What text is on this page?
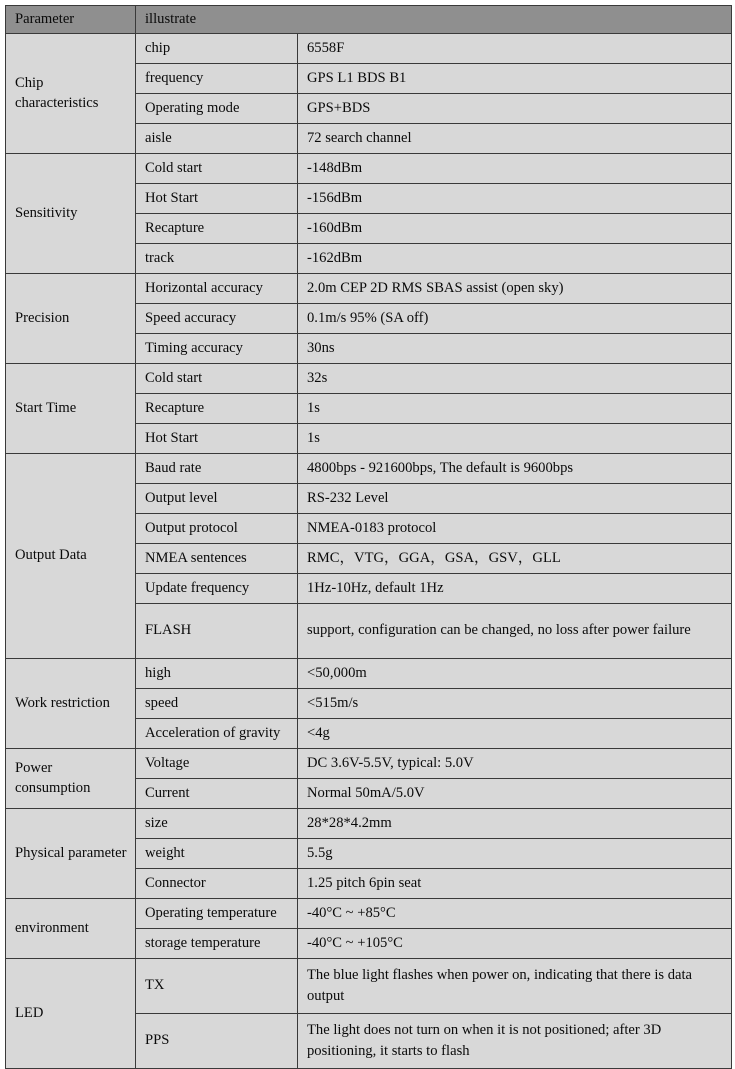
Parameter	illustrate	
Chip characteristics	chip	6558F
	frequency	GPS L1 BDS B1
	Operating mode	GPS+BDS
	aisle	72 search channel
Sensitivity	Cold start	-148dBm
	Hot Start	-156dBm
	Recapture	-160dBm
	track	-162dBm
Precision	Horizontal accuracy	2.0m CEP 2D RMS SBAS assist (open sky)
	Speed accuracy	0.1m/s 95% (SA off)
	Timing accuracy	30ns
Start Time	Cold start	32s
	Recapture	1s
	Hot Start	1s
Output Data	Baud rate	4800bps - 921600bps, The default is 9600bps
	Output level	RS-232 Level
	Output protocol	NMEA-0183 protocol
	NMEA sentences	RMC，VTG，GGA，GSA，GSV，GLL
	Update frequency	1Hz-10Hz, default 1Hz
	FLASH	support, configuration can be changed, no loss after power failure
Work restriction	high	<50,000m
	speed	<515m/s
	Acceleration of gravity	<4g
Power consumption	Voltage	DC 3.6V-5.5V, typical: 5.0V
	Current	Normal 50mA/5.0V
Physical parameter	size	28*28*4.2mm
	weight	5.5g
	Connector	1.25 pitch 6pin seat
environment	Operating temperature	-40°C ~ +85°C
	storage temperature	-40°C ~ +105°C
LED	TX	The blue light flashes when power on, indicating that there is data output
	PPS	The light does not turn on when it is not positioned; after 3D positioning, it starts to flash
